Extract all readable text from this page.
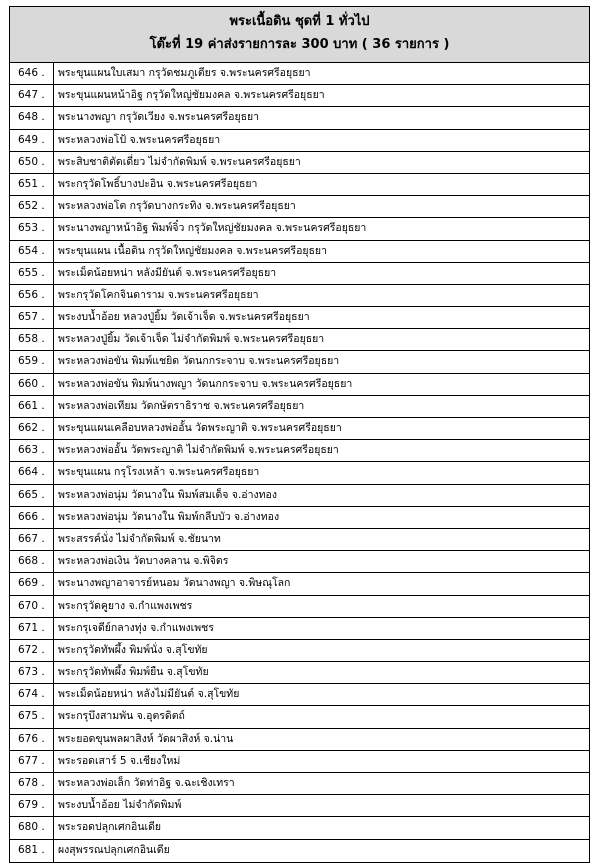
พระเนื้อดิน ชุดที่ 1 ทั่วไป
โต๊ะที่ 19 ค่าส่งรายการละ 300 บาท ( 36 รายการ )
646 .	พระขุนแผนใบเสมา กรุวัดชมภูเตียร จ.พระนครศรีอยุธยา
647 .	พระขุนแผนหน้าอิฐ กรุวัดใหญ่ชัยมงคล จ.พระนครศรีอยุธยา
648 .	พระนางพญา กรุวัดเวียง จ.พระนครศรีอยุธยา
649 .	พระหลวงพ่อโป้ จ.พระนครศรีอยุธยา
650 .	พระสิบชาติตัดเดี่ยว ไม่จำกัดพิมพ์ จ.พระนครศรีอยุธยา
651 .	พระกรุวัดโพธิ์บางปะอิน จ.พระนครศรีอยุธยา
652 .	พระหลวงพ่อโต กรุวัดบางกระทิง จ.พระนครศรีอยุธยา
653 .	พระนางพญาหน้าอิฐ พิมพ์จิ๋ว กรุวัดใหญ่ชัยมงคล จ.พระนครศรีอยุธยา
654 .	พระขุนแผน เนื้อดิน กรุวัดใหญ่ชัยมงคล จ.พระนครศรีอยุธยา
655 .	พระเม็ดน้อยหน่า หลังมียันต์ จ.พระนครศรีอยุธยา
656 .	พระกรุวัดโคกจินดาราม จ.พระนครศรีอยุธยา
657 .	พระงบน้ำอ้อย หลวงปู่ยิ้ม วัดเจ้าเจ็ด จ.พระนครศรีอยุธยา
658 .	พระหลวงปู่ยิ้ม วัดเจ้าเจ็ด ไม่จำกัดพิมพ์ จ.พระนครศรีอยุธยา
659 .	พระหลวงพ่อขัน พิมพ์แชยิด วัดนกกระจาบ จ.พระนครศรีอยุธยา
660 .	พระหลวงพ่อขัน พิมพ์นางพญา วัดนกกระจาบ จ.พระนครศรีอยุธยา
661 .	พระหลวงพ่อเทียม วัดกษัตราธิราช จ.พระนครศรีอยุธยา
662 .	พระขุนแผนเคลือบหลวงพ่ออั้น วัดพระญาติ จ.พระนครศรีอยุธยา
663 .	พระหลวงพ่ออั้น วัดพระญาติ ไม่จำกัดพิมพ์ จ.พระนครศรีอยุธยา
664 .	พระขุนแผน กรุโรงเหล้า จ.พระนครศรีอยุธยา
665 .	พระหลวงพ่อนุ่ม วัดนางใน พิมพ์สมเด็จ จ.อ่างทอง
666 .	พระหลวงพ่อนุ่ม วัดนางใน พิมพ์กลีบบัว จ.อ่างทอง
667 .	พระสรรค์นั่ง ไม่จำกัดพิมพ์ จ.ชัยนาท
668 .	พระหลวงพ่อเงิน วัดบางคลาน จ.พิจิตร
669 .	พระนางพญาอาจารย์หนอม วัดนางพญา จ.พิษณุโลก
670 .	พระกรุวัดคูยาง จ.กำแพงเพชร
671 .	พระกรุเจดีย์กลางทุ่ง จ.กำแพงเพชร
672 .	พระกรุวัดทัพผึ้ง พิมพ์นั่ง จ.สุโขทัย
673 .	พระกรุวัดทัพผึ้ง พิมพ์ยืน จ.สุโขทัย
674 .	พระเม็ดน้อยหน่า หลังไม่มียันต์ จ.สุโขทัย
675 .	พระกรุบึงสามพัน จ.อุตรดิตถ์
676 .	พระยอดขุนพลผาสิงห์ วัดผาสิงห์ จ.น่าน
677 .	พระรอดเสาร์ 5 จ.เชียงใหม่
678 .	พระหลวงพ่อเล็ก วัดท่าอิฐ จ.ฉะเชิงเทรา
679 .	พระงบน้ำอ้อย ไม่จำกัดพิมพ์
680 .	พระรอดปลุกเศกอินเดีย
681 .	ผงสุพรรณปลุกเศกอินเดีย
